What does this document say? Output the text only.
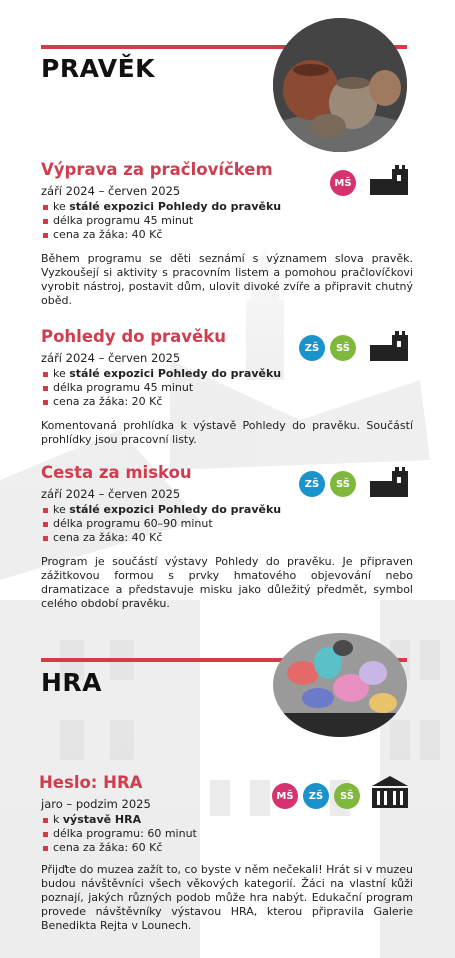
PRAVĚK
Výprava za pračlovíčkem
září 2024 – červen 2025
ke stálé expozici Pohledy do pravěku
délka programu 45 minut
cena za žáka: 40 Kč

Během programu se děti seznámí s významem slova pravěk. Vyzkoušejí si aktivity s pracovním listem a pomohou pračlovíčkovi vyrobit nástroj, postavit dům, ulovit divoké zvíře a připravit chutný oběd.

MŠ
Pohledy do pravěku
září 2024 – červen 2025
ke stálé expozici Pohledy do pravěku
délka programu 45 minut
cena za žáka: 20 Kč

Komentovaná prohlídka k výstavě Pohledy do pravěku. Součástí prohlídky jsou pracovní listy.

ZŠ	SŠ
Cesta za miskou
září 2024 – červen 2025
ke stálé expozici Pohledy do pravěku
délka programu 60–90 minut
cena za žáka: 40 Kč

Program je součástí výstavy Pohledy do pravěku. Je připraven zážitkovou formou s prvky hmatového objevování nebo dramatizace a představuje misku jako důležitý předmět, symbol celého období pravěku.

ZŠ	SŠ
HRA
Heslo: HRA
jaro – podzim 2025
k výstavě HRA
délka programu: 60 minut
cena za žáka: 60 Kč

Přijďte do muzea zažít to, co byste v něm nečekali! Hrát si v muzeu budou návštěvníci všech věkových kategorií. Žáci na vlastní kůži poznají, jakých různých podob může hra nabýt. Edukační program provede návštěvníky výstavou HRA, kterou připravila Galerie Benedikta Rejta v Lounech.

MŠ	ZŠ	SŠ
